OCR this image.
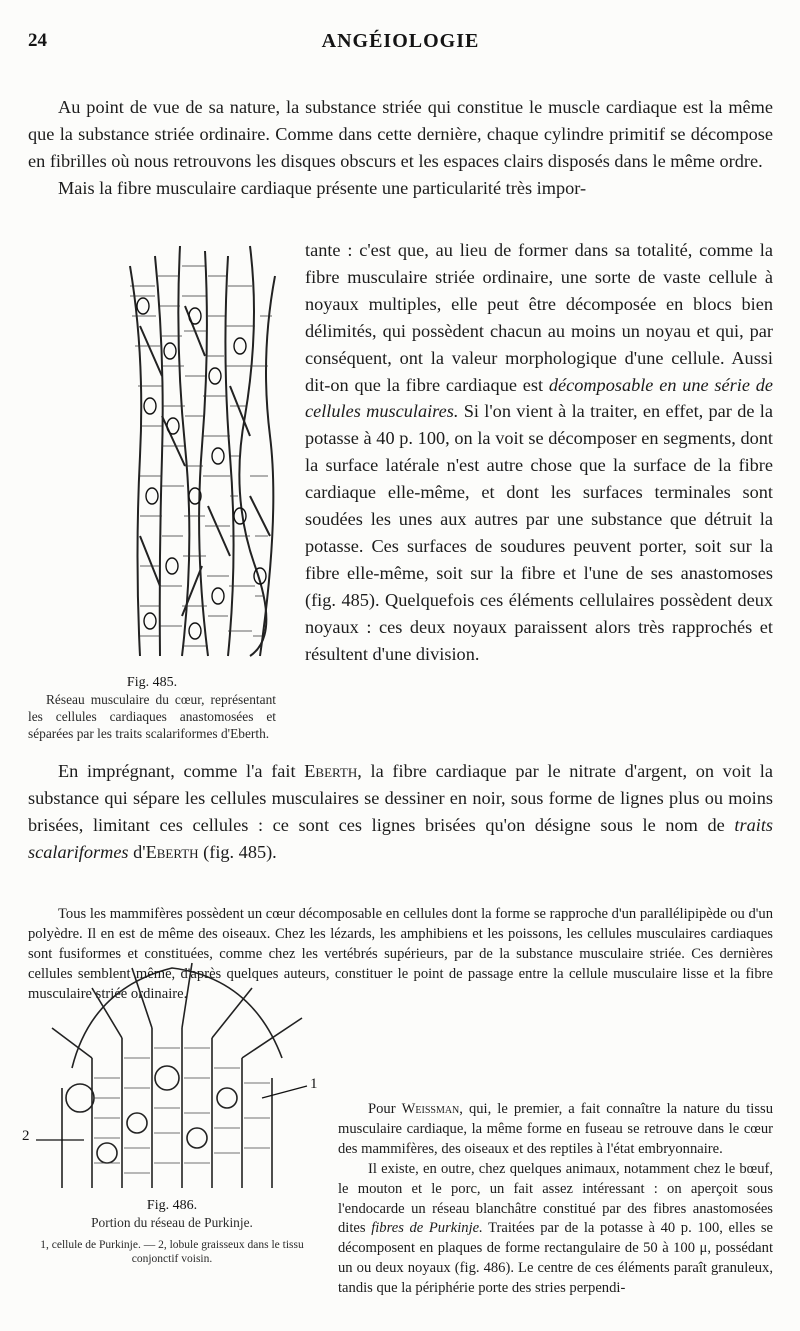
24	ANGÉIOLOGIE

Au point de vue de sa nature, la substance striée qui constitue le muscle cardiaque est la même que la substance striée ordinaire. Comme dans cette dernière, chaque cylindre primitif se décompose en fibrilles où nous retrouvons les disques obscurs et les espaces clairs disposés dans le même ordre.

Mais la fibre musculaire cardiaque présente une particularité très impor-

tante : c'est que, au lieu de former dans sa totalité, comme la fibre musculaire striée ordinaire, une sorte de vaste cellule à noyaux multiples, elle peut être décomposée en blocs bien délimités, qui possèdent chacun au moins un noyau et qui, par conséquent, ont la valeur morphologique d'une cellule. Aussi dit-on que la fibre cardiaque est décomposable en une série de cellules musculaires. Si l'on vient à la traiter, en effet, par de la potasse à 40 p. 100, on la voit se décomposer en segments, dont la surface latérale n'est autre chose que la surface de la fibre cardiaque elle-même, et dont les surfaces terminales sont soudées les unes aux autres par une substance que détruit la potasse. Ces surfaces de soudures peuvent porter, soit sur la fibre elle-même, soit sur la fibre et l'une de ses anastomoses (fig. 485). Quelquefois ces éléments cellulaires possèdent deux noyaux : ces deux noyaux paraissent alors très rapprochés et résultent d'une division.

Fig. 485.
Réseau musculaire du cœur, représentant les cellules cardiaques anastomosées et séparées par les traits scalariformes d'Eberth.

En imprégnant, comme l'a fait Eberth, la fibre cardiaque par le nitrate d'argent, on voit la substance qui sépare les cellules musculaires se dessiner en noir, sous forme de lignes plus ou moins brisées, limitant ces cellules : ce sont ces lignes brisées qu'on désigne sous le nom de traits scalariformes d'Eberth (fig. 485).

Tous les mammifères possèdent un cœur décomposable en cellules dont la forme se rapproche d'un parallélipipède ou d'un polyèdre. Il en est de même des oiseaux. Chez les lézards, les amphibiens et les poissons, les cellules musculaires cardiaques sont fusiformes et constituées, comme chez les vertébrés supérieurs, par de la substance musculaire striée. Ces dernières cellules semblent même, d'après quelques auteurs, constituer le point de passage entre la cellule musculaire lisse et la fibre musculaire striée ordinaire.

2
1

Pour Weissman, qui, le premier, a fait connaître la nature du tissu musculaire cardiaque, la même forme en fuseau se retrouve dans le cœur des mammifères, des oiseaux et des reptiles à l'état embryonnaire.

Il existe, en outre, chez quelques animaux, notamment chez le bœuf, le mouton et le porc, un fait assez intéressant : on aperçoit sous l'endocarde un réseau blanchâtre constitué par des fibres anastomosées dites fibres de Purkinje. Traitées par de la potasse à 40 p. 100, elles se décomposent en plaques de forme rectangulaire de 50 à 100 μ, possédant un ou deux noyaux (fig. 486). Le centre de ces éléments paraît granuleux, tandis que la périphérie porte des stries perpendi-

Fig. 486.
Portion du réseau de Purkinje.
1, cellule de Purkinje. — 2, lobule graisseux dans le tissu conjonctif voisin.
